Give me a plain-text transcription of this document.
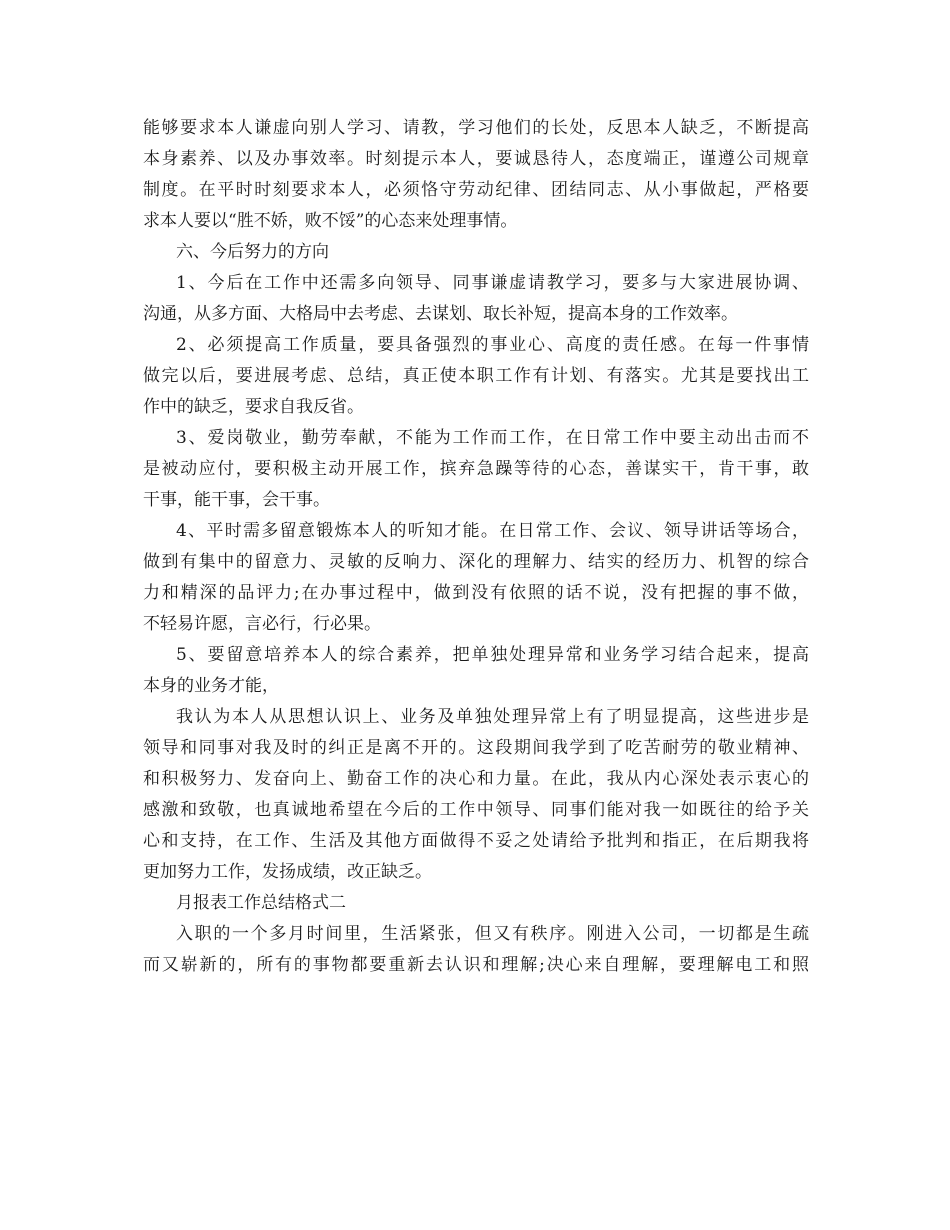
能够要求本人谦虚向别人学习、请教，学习他们的长处，反思本人缺乏，不断提高
本身素养、以及办事效率。时刻提示本人，要诚恳待人，态度端正，谨遵公司规章
制度。在平时时刻要求本人，必须恪守劳动纪律、团结同志、从小事做起，严格要
求本人要以“胜不娇，败不馁”的心态来处理事情。
六、今后努力的方向
1、今后在工作中还需多向领导、同事谦虚请教学习，要多与大家进展协调、
沟通，从多方面、大格局中去考虑、去谋划、取长补短，提高本身的工作效率。
2、必须提高工作质量，要具备强烈的事业心、高度的责任感。在每一件事情
做完以后，要进展考虑、总结，真正使本职工作有计划、有落实。尤其是要找出工
作中的缺乏，要求自我反省。
3、爱岗敬业，勤劳奉献，不能为工作而工作，在日常工作中要主动出击而不
是被动应付，要积极主动开展工作，摈弃急躁等待的心态，善谋实干，肯干事，敢
干事，能干事，会干事。
4、平时需多留意锻炼本人的听知才能。在日常工作、会议、领导讲话等场合，
做到有集中的留意力、灵敏的反响力、深化的理解力、结实的经历力、机智的综合
力和精深的品评力;在办事过程中，做到没有依照的话不说，没有把握的事不做，
不轻易许愿，言必行，行必果。
5、要留意培养本人的综合素养，把单独处理异常和业务学习结合起来，提高
本身的业务才能，
我认为本人从思想认识上、业务及单独处理异常上有了明显提高，这些进步是
领导和同事对我及时的纠正是离不开的。这段期间我学到了吃苦耐劳的敬业精神、
和积极努力、发奋向上、勤奋工作的决心和力量。在此，我从内心深处表示衷心的
感激和致敬，也真诚地希望在今后的工作中领导、同事们能对我一如既往的给予关
心和支持，在工作、生活及其他方面做得不妥之处请给予批判和指正，在后期我将
更加努力工作，发扬成绩，改正缺乏。
月报表工作总结格式二
入职的一个多月时间里，生活紧张，但又有秩序。刚进入公司，一切都是生疏
而又崭新的，所有的事物都要重新去认识和理解;决心来自理解，要理解电工和照
